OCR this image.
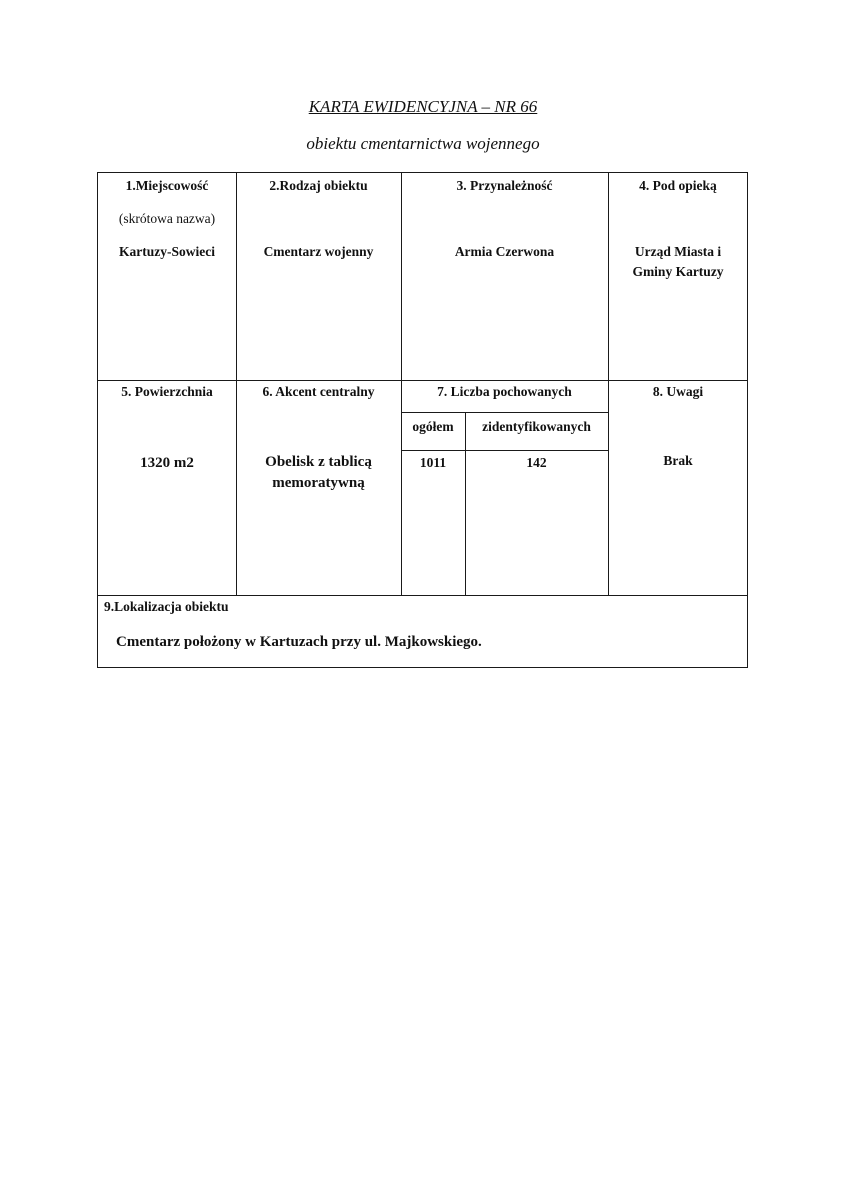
KARTA EWIDENCYJNA – NR 66
obiektu cmentarnictwa wojennego
1.Miejscowość
(skrótowa nazwa)
Kartuzy-Sowieci
2.Rodzaj obiektu
Cmentarz wojenny
3. Przynależność
Armia Czerwona
4. Pod opieką
Urząd Miasta i
Gminy Kartuzy
5. Powierzchnia
1320 m2
6. Akcent centralny
Obelisk z tablicą
memoratywną
7. Liczba pochowanych
ogółem	zidentyfikowanych
1011	142
8. Uwagi
Brak
9.Lokalizacja obiektu
Cmentarz położony w Kartuzach przy ul. Majkowskiego.
